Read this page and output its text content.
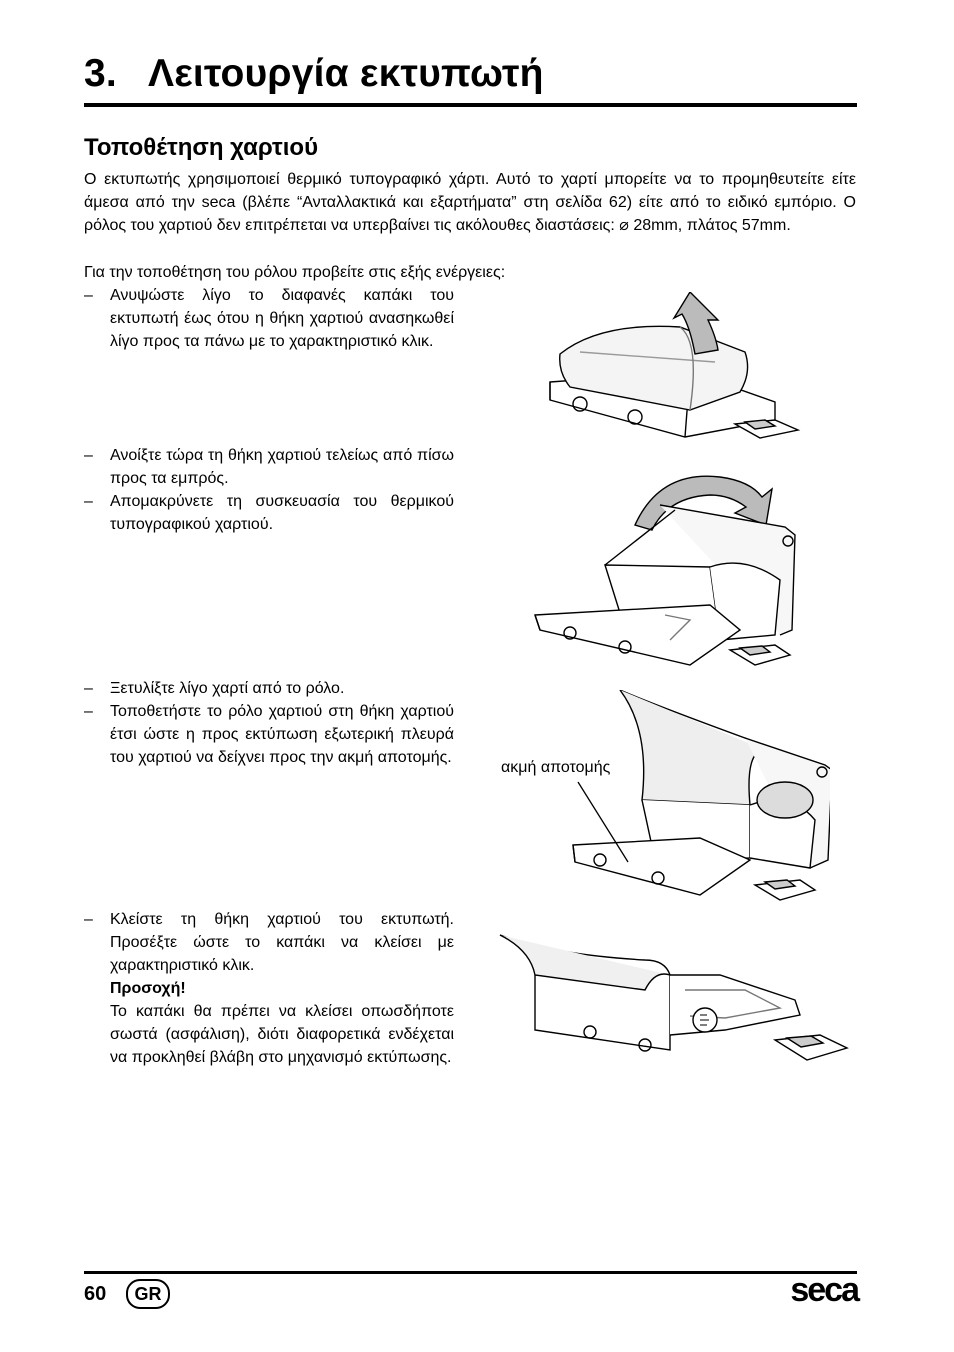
3. Λειτουργία εκτυπωτή
Τοποθέτηση χαρτιού

Ο εκτυπωτής χρησιμοποιεί θερμικό τυπογραφικό χάρτι. Αυτό το χαρτί μπορείτε να το προμηθευτείτε είτε άμεσα από την seca (βλέπε “Ανταλλακτικά και εξαρτήματα” στη σελίδα 62) είτε από το ειδικό εμπόριο. Ο ρόλος του χαρτιού δεν επιτρέπεται να υπερβαίνει τις ακόλουθες διαστάσεις: ⌀ 28mm, πλάτος 57mm.

Για την τοποθέτηση του ρόλου προβείτε στις εξής ενέργειες:
– Ανυψώστε λίγο το διαφανές καπάκι του εκτυπωτή έως ότου η θήκη χαρτιού ανασηκωθεί λίγο προς τα πάνω με το χαρακτηριστικό κλικ.
– Ανοίξτε τώρα τη θήκη χαρτιού τελείως από πίσω προς τα εμπρός.
– Απομακρύνετε τη συσκευασία του θερμικού τυπογραφικού χαρτιού.
– Ξετυλίξτε λίγο χαρτί από το ρόλο.
– Τοποθετήστε το ρόλο χαρτιού στη θήκη χαρτιού έτσι ώστε η προς εκτύπωση εξωτερική πλευρά του χαρτιού να δείχνει προς την ακμή αποτομής.
– Κλείστε τη θήκη χαρτιού του εκτυπωτή. Προσέξτε ώστε το καπάκι να κλείσει με χαρακτηριστικό κλικ.
Προσοχή!
Το καπάκι θα πρέπει να κλείσει οπωσδήποτε σωστά (ασφάλιση), διότι διαφορετικά ενδέχεται να προκληθεί βλάβη στο μηχανισμό εκτύπωσης.
ακμή αποτομής
60	GR	seca
